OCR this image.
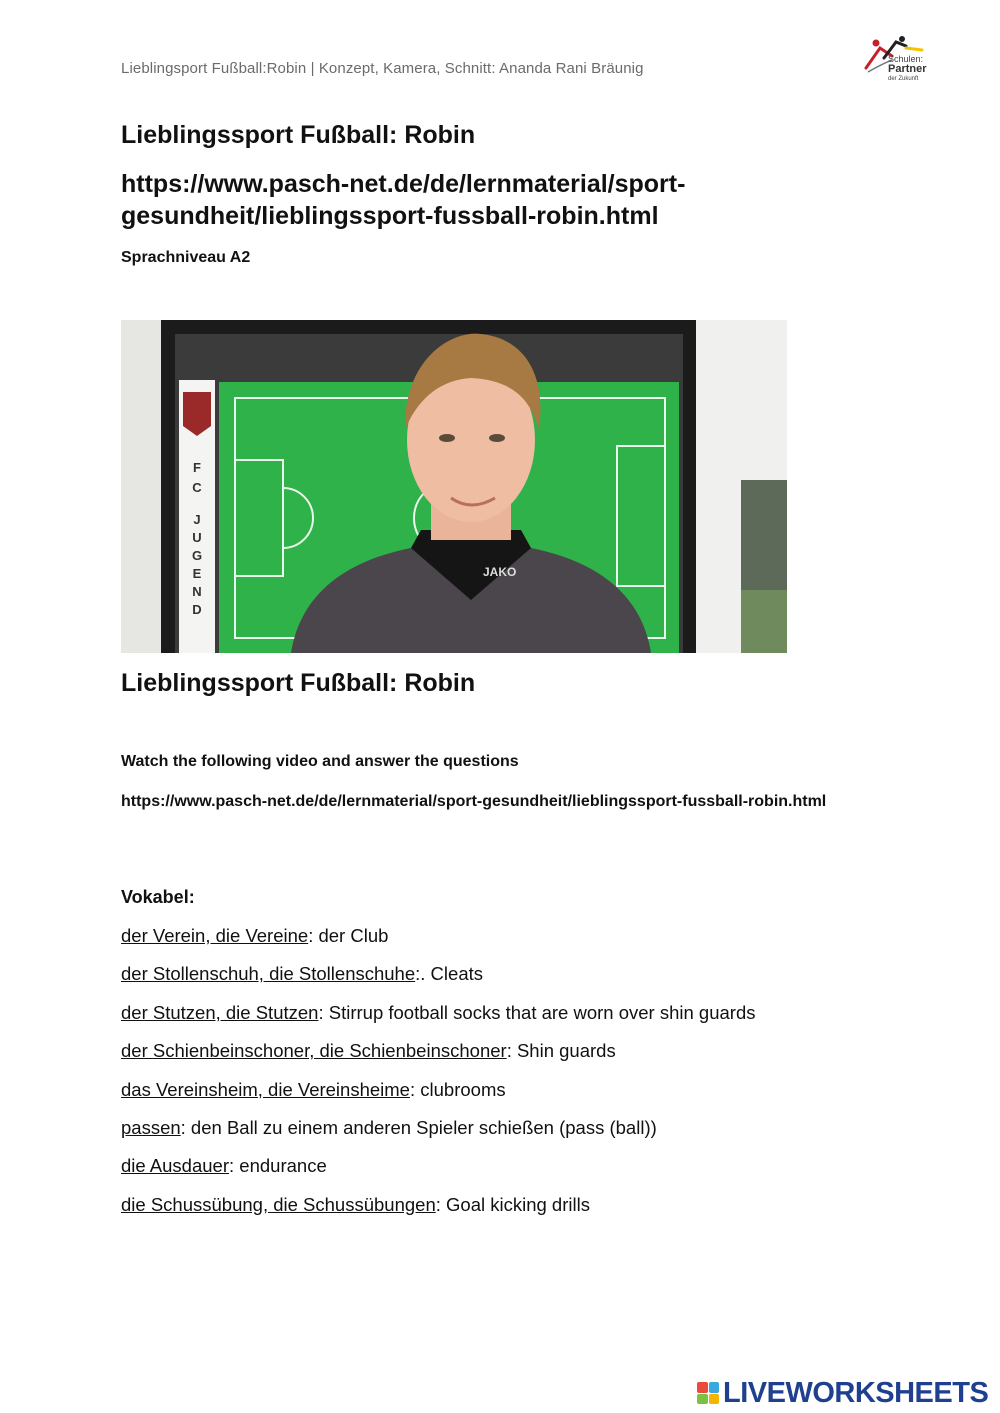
Lieblingsport Fußball:Robin | Konzept, Kamera, Schnitt: Ananda Rani Bräunig
Schulen:
Partner
der Zukunft
Lieblingssport Fußball: Robin
https://www.pasch-net.de/de/lernmaterial/sport-gesundheit/lieblingssport-fussball-robin.html
Sprachniveau A2
F
C
J
U
G
E
N
D
JAKO
Lieblingssport Fußball: Robin
Watch the following video and answer the questions
https://www.pasch-net.de/de/lernmaterial/sport-gesundheit/lieblingssport-fussball-robin.html
Vokabel:
der Verein, die Vereine: der Club
der Stollenschuh, die Stollenschuhe:. Cleats
der Stutzen, die Stutzen: Stirrup football socks that are worn over shin guards
der Schienbeinschoner, die Schienbeinschoner: Shin guards
das Vereinsheim, die Vereinsheime: clubrooms
passen: den Ball zu einem anderen Spieler schießen (pass (ball))
die Ausdauer: endurance
die Schussübung, die Schussübungen: Goal kicking drills
LIVEWORKSHEETS
